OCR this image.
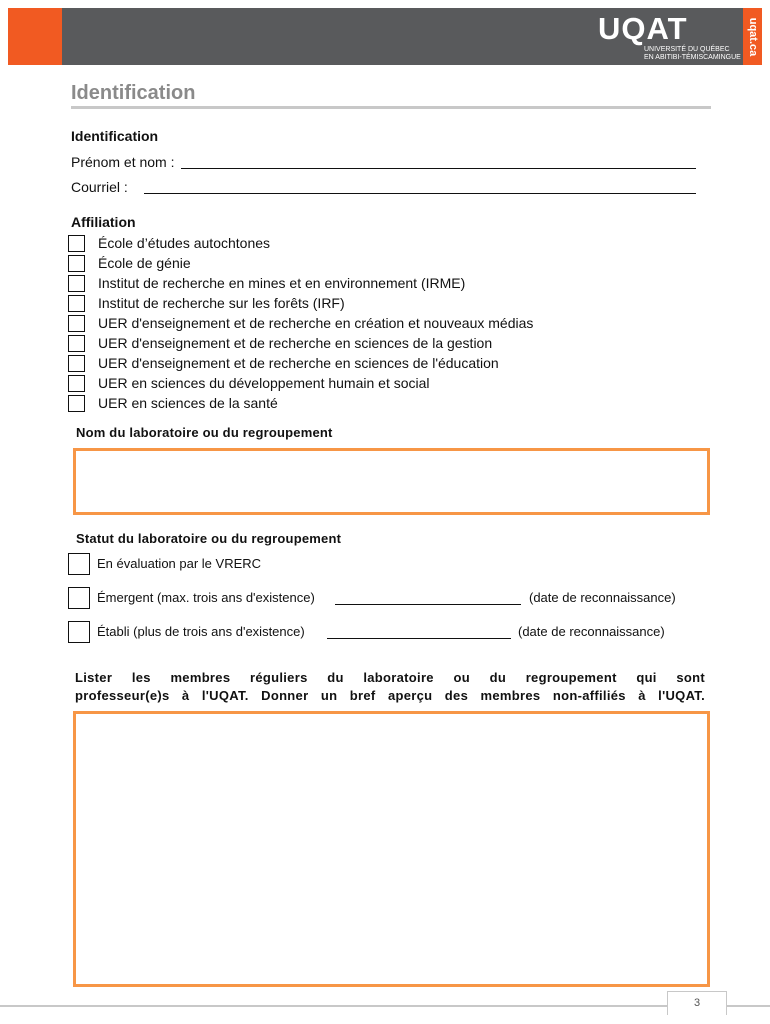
UQAT
UNIVERSITÉ DU QUÉBEC
EN ABITIBI-TÉMISCAMINGUE
uqat.ca
Identification
Identification
Prénom et nom :
Courriel :
Affiliation
École d’études autochtones
École de génie
Institut de recherche en mines et en environnement (IRME)
Institut de recherche sur les forêts (IRF)
UER d'enseignement et de recherche en création et nouveaux médias
UER d'enseignement et de recherche en sciences de la gestion
UER d'enseignement et de recherche en sciences de l'éducation
UER en sciences du développement humain et social
UER en sciences de la santé
Nom du laboratoire ou du regroupement
Statut du laboratoire ou du regroupement
En évaluation par le VRERC
Émergent (max. trois ans d'existence)	(date de reconnaissance)
Établi (plus de trois ans d'existence)	(date de reconnaissance)
Lister les membres réguliers du laboratoire ou du regroupement qui sont
professeur(e)s à l'UQAT. Donner un bref aperçu des membres non-affiliés à l'UQAT.
3
